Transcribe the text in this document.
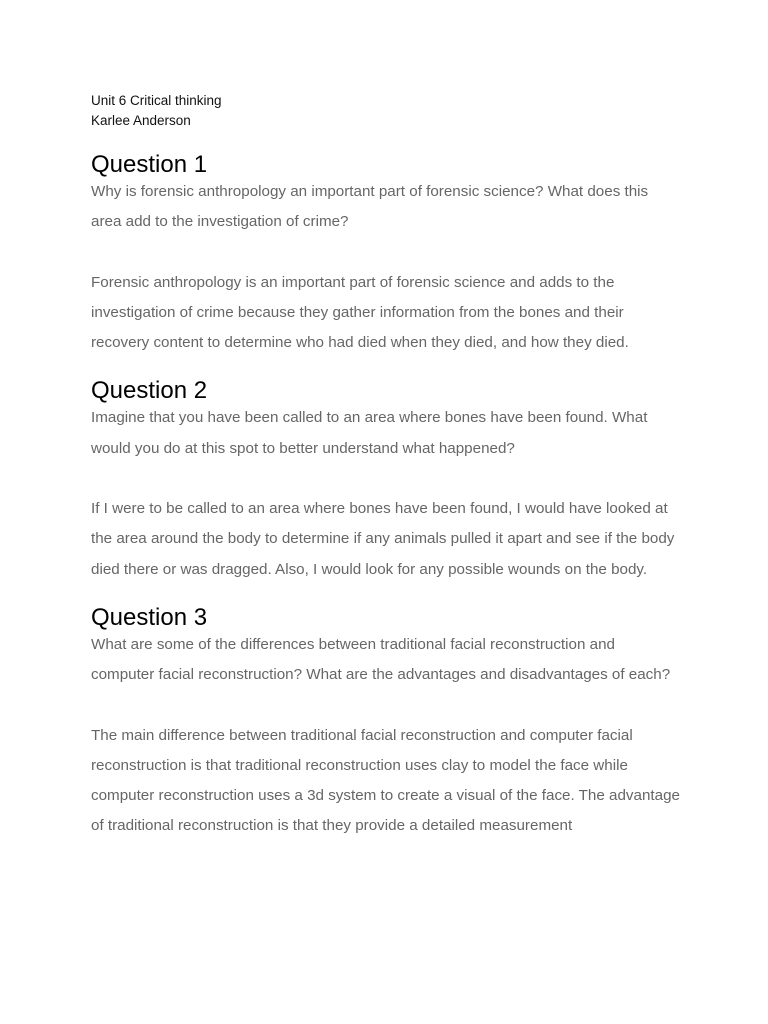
Unit 6 Critical thinking

Karlee Anderson

Question 1

Why is forensic anthropology an important part of forensic science? What does this area add to the investigation of crime?

Forensic anthropology is an important part of forensic science and adds to the investigation of crime because they gather information from the bones and their recovery content to determine who had died when they died, and how they died.

Question 2

Imagine that you have been called to an area where bones have been found. What would you do at this spot to better understand what happened?

If I were to be called to an area where bones have been found, I would have looked at the area around the body to determine if any animals pulled it apart and see if the body died there or was dragged. Also, I would look for any possible wounds on the body.

Question 3

What are some of the differences between traditional facial reconstruction and computer facial reconstruction? What are the advantages and disadvantages of each?

The main difference between traditional facial reconstruction and computer facial reconstruction is that traditional reconstruction uses clay to model the face while computer reconstruction uses a 3d system to create a visual of the face. The advantage of traditional reconstruction is that they provide a detailed measurement
